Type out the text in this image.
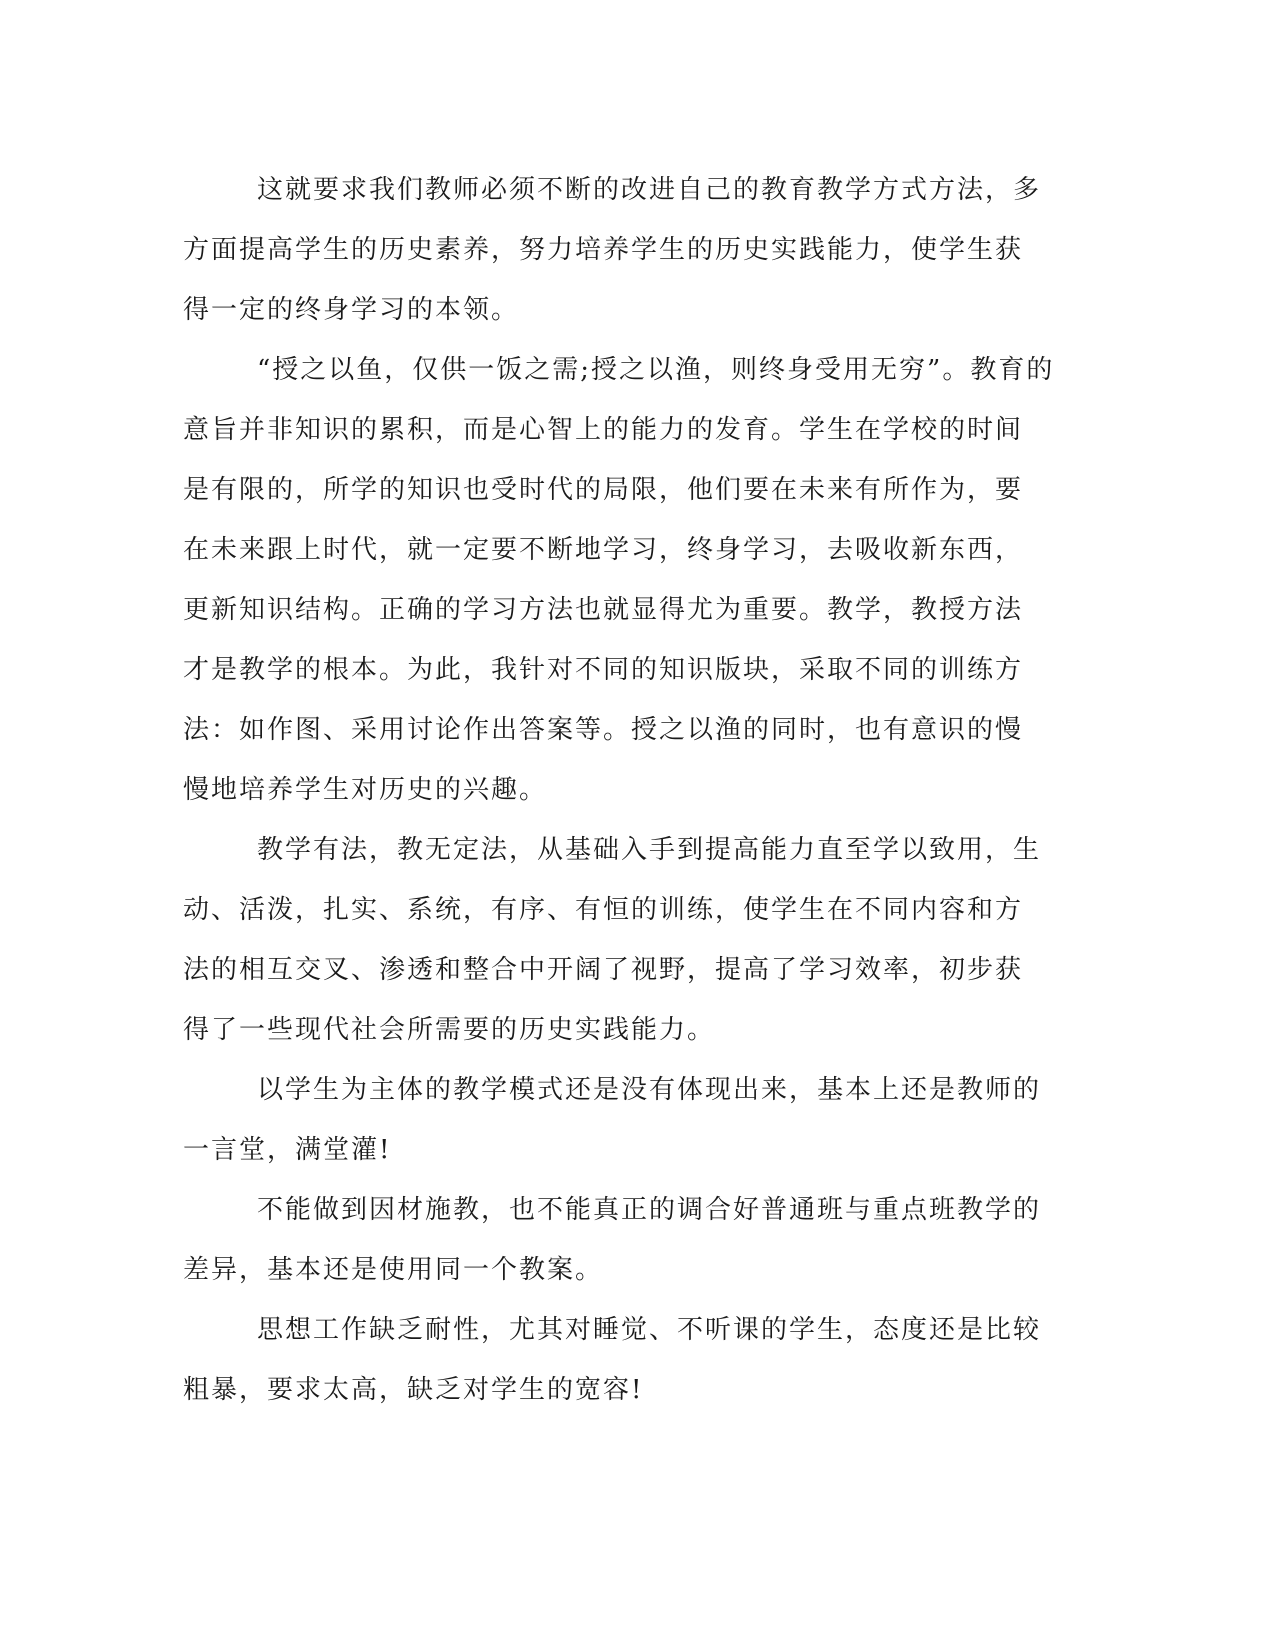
这就要求我们教师必须不断的改进自己的教育教学方式方法，多
方面提高学生的历史素养，努力培养学生的历史实践能力，使学生获
得一定的终身学习的本领。

“授之以鱼，仅供一饭之需;授之以渔，则终身受用无穷”。教育的
意旨并非知识的累积，而是心智上的能力的发育。学生在学校的时间
是有限的，所学的知识也受时代的局限，他们要在未来有所作为，要
在未来跟上时代，就一定要不断地学习，终身学习，去吸收新东西，
更新知识结构。正确的学习方法也就显得尤为重要。教学，教授方法
才是教学的根本。为此，我针对不同的知识版块，采取不同的训练方
法：如作图、采用讨论作出答案等。授之以渔的同时，也有意识的慢
慢地培养学生对历史的兴趣。

教学有法，教无定法，从基础入手到提高能力直至学以致用，生
动、活泼，扎实、系统，有序、有恒的训练，使学生在不同内容和方
法的相互交叉、渗透和整合中开阔了视野，提高了学习效率，初步获
得了一些现代社会所需要的历史实践能力。

以学生为主体的教学模式还是没有体现出来，基本上还是教师的
一言堂，满堂灌!

不能做到因材施教，也不能真正的调合好普通班与重点班教学的
差异，基本还是使用同一个教案。

思想工作缺乏耐性，尤其对睡觉、不听课的学生，态度还是比较
粗暴，要求太高，缺乏对学生的宽容!
